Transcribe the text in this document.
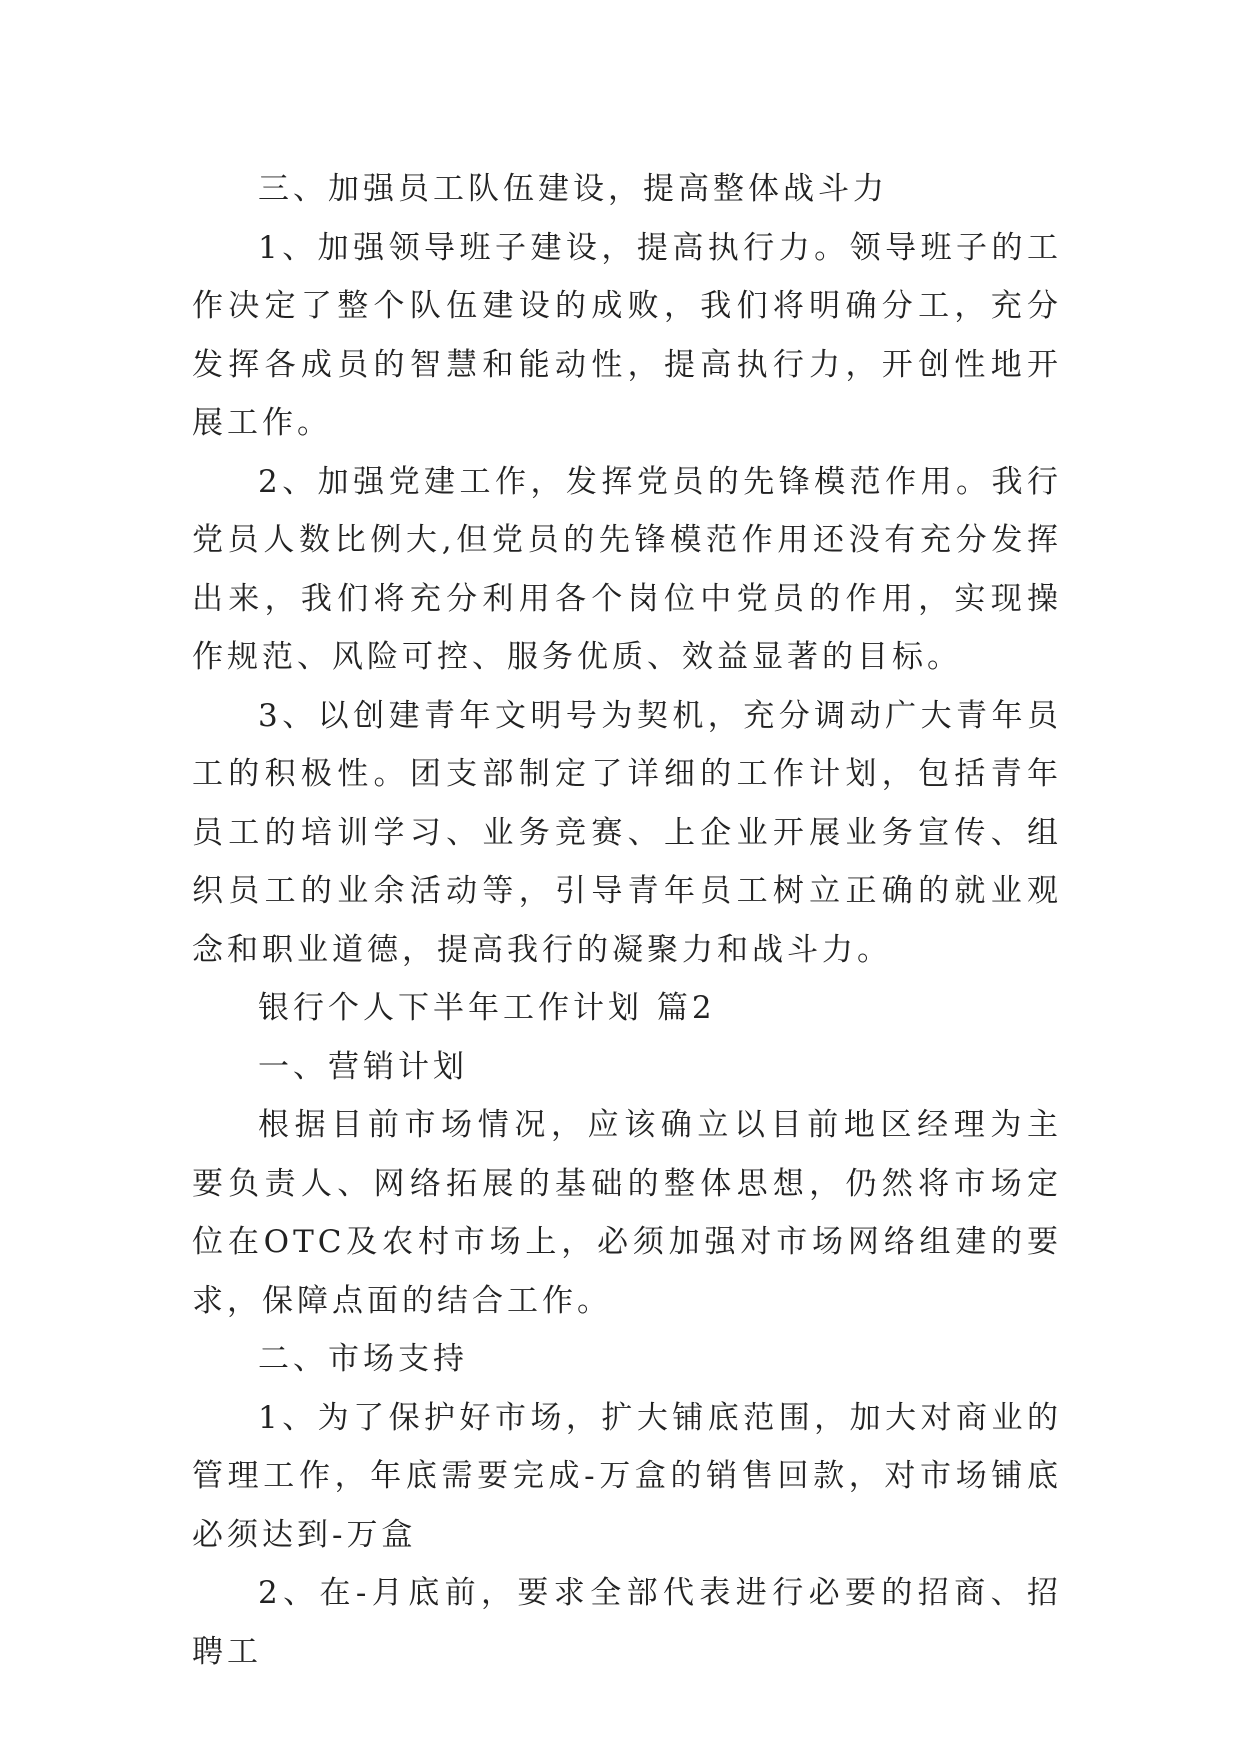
三、加强员工队伍建设，提高整体战斗力

1、加强领导班子建设，提高执行力。领导班子的工作决定了整个队伍建设的成败，我们将明确分工，充分发挥各成员的智慧和能动性，提高执行力，开创性地开展工作。

2、加强党建工作，发挥党员的先锋模范作用。我行党员人数比例大,但党员的先锋模范作用还没有充分发挥出来，我们将充分利用各个岗位中党员的作用，实现操作规范、风险可控、服务优质、效益显著的目标。

3、以创建青年文明号为契机，充分调动广大青年员工的积极性。团支部制定了详细的工作计划，包括青年员工的培训学习、业务竞赛、上企业开展业务宣传、组织员工的业余活动等，引导青年员工树立正确的就业观念和职业道德，提高我行的凝聚力和战斗力。

银行个人下半年工作计划 篇2

一、营销计划

根据目前市场情况，应该确立以目前地区经理为主要负责人、网络拓展的基础的整体思想，仍然将市场定位在OTC及农村市场上，必须加强对市场网络组建的要求，保障点面的结合工作。

二、市场支持

1、为了保护好市场，扩大铺底范围，加大对商业的管理工作，年底需要完成-万盒的销售回款，对市场铺底必须达到-万盒

2、在-月底前，要求全部代表进行必要的招商、招聘工
